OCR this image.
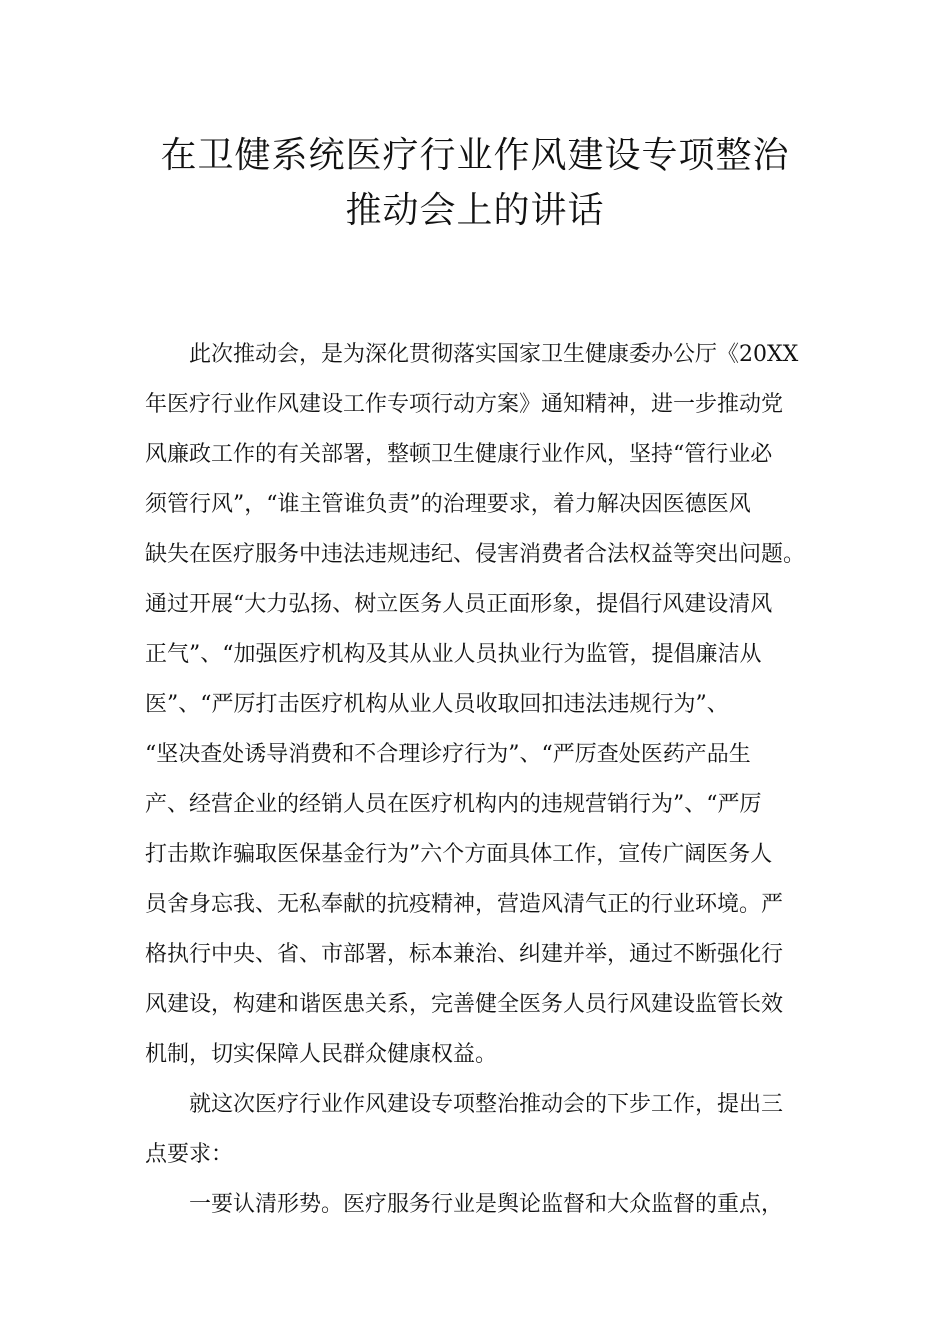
在卫健系统医疗行业作风建设专项整治
推动会上的讲话

此次推动会，是为深化贯彻落实国家卫生健康委办公厅《20XX
年医疗行业作风建设工作专项行动方案》通知精神，进一步推动党
风廉政工作的有关部署，整顿卫生健康行业作风，坚持“管行业必
须管行风”，“谁主管谁负责”的治理要求，着力解决因医德医风
缺失在医疗服务中违法违规违纪、侵害消费者合法权益等突出问题。
通过开展“大力弘扬、树立医务人员正面形象，提倡行风建设清风
正气”、“加强医疗机构及其从业人员执业行为监管，提倡廉洁从
医”、“严厉打击医疗机构从业人员收取回扣违法违规行为”、
“坚决查处诱导消费和不合理诊疗行为”、“严厉查处医药产品生
产、经营企业的经销人员在医疗机构内的违规营销行为”、“严厉
打击欺诈骗取医保基金行为”六个方面具体工作，宣传广阔医务人
员舍身忘我、无私奉献的抗疫精神，营造风清气正的行业环境。严
格执行中央、省、市部署，标本兼治、纠建并举，通过不断强化行
风建设，构建和谐医患关系，完善健全医务人员行风建设监管长效
机制，切实保障人民群众健康权益。

就这次医疗行业作风建设专项整治推动会的下步工作，提出三
点要求：

一要认清形势。医疗服务行业是舆论监督和大众监督的重点，
